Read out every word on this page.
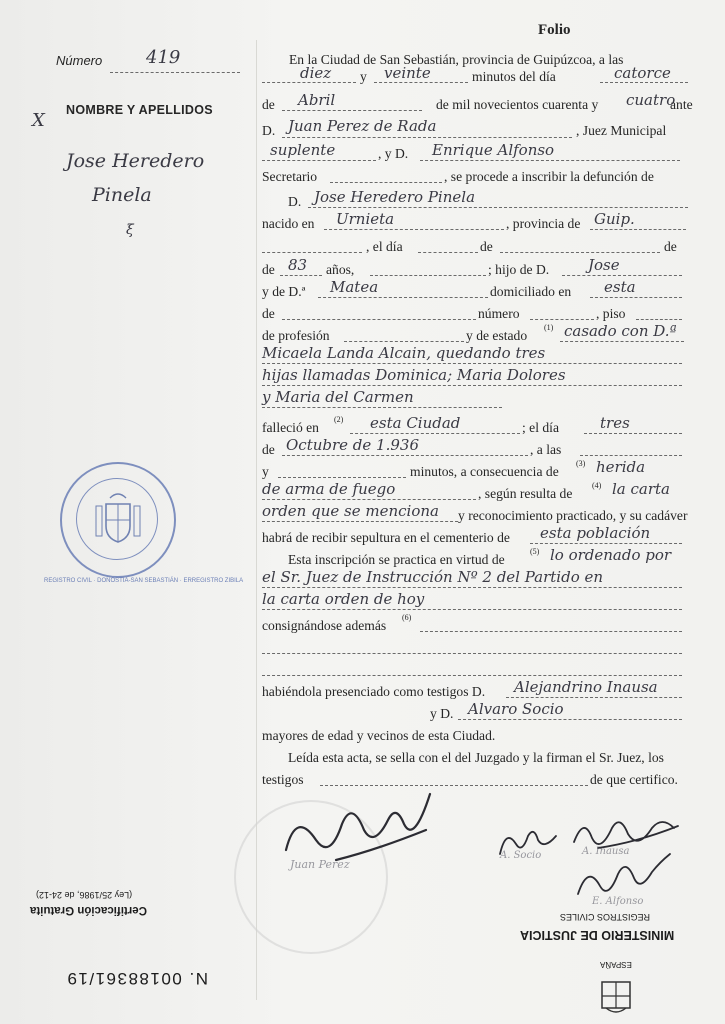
Folio
Número 419
X NOMBRE Y APELLIDOS
Jose Heredero
Pinela
ξ
En la Ciudad de San Sebastián, provincia de Guipúzcoa, a las
diez y veinte	minutos del día	catorce
de Abril	de mil novecientos cuarenta y cuatro
ante
D. Juan Perez de Rada	, Juez Municipal
suplente	, y D. Enrique Alfonso
Secretario	, se procede a inscribir la defunción de
D. Jose Heredero Pinela
nacido en Urnieta	, provincia de Guip.
, el día	de	de
de 83 años,	; hijo de D.	Jose
y de D.ª Matea	domiciliado en esta
de	número	, piso
de profesión	y de estado
(1) casado con D.ª
Micaela Landa Alcain, quedando tres
hijas llamadas Dominica; Maria Dolores
y Maria del Carmen
falleció en
(2) esta Ciudad	; el día	tres
de Octubre de 1.936	, a las
y	minutos, a consecuencia de
(3) herida
de arma de fuego	, según resulta de
(4) la carta
orden que se menciona y reconocimiento practicado, y su cadáver
habrá de recibir sepultura en el cementerio de esta población
Esta inscripción se practica en virtud de
(5) lo ordenado por
el Sr. Juez de Instrucción Nº 2 del Partido en
la carta orden de hoy
consignándose además
(6)
habiéndola presenciado como testigos D. Alejandrino Inausa
y D. Alvaro Socio
mayores de edad y vecinos de esta Ciudad.
Leída esta acta, se sella con el del Juzgado y la firman el Sr. Juez, los
testigos	de que certifico.
REGISTRO CIVIL · DONOSTIA-SAN SEBASTIÁN · ERREGISTRO ZIBILA
Juan Perez
A. Socio	A. Inausa
E. Alfonso
Certificación Gratuita
(Ley 25/1986, de 24-12)
ESPAÑA
MINISTERIO DE JUSTICIA
REGISTROS CIVILES
N. 00188361/19
